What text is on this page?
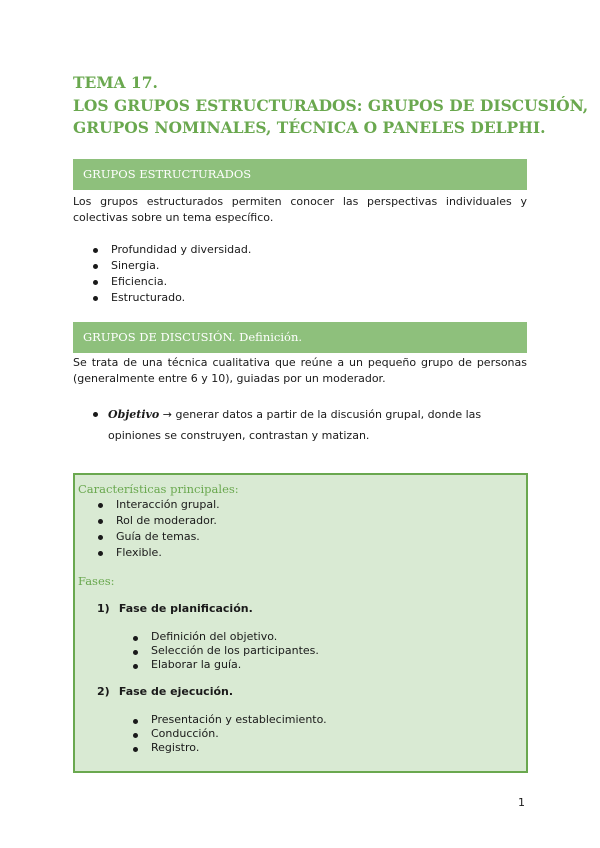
TEMA 17.
LOS GRUPOS ESTRUCTURADOS: GRUPOS DE DISCUSIÓN,
GRUPOS NOMINALES, TÉCNICA O PANELES DELPHI.
GRUPOS ESTRUCTURADOS
Los grupos estructurados permiten conocer las perspectivas individuales y colectivas sobre un tema específico.
Profundidad y diversidad.
Sinergia.
Eficiencia.
Estructurado.
GRUPOS DE DISCUSIÓN. Definición.
Se trata de una técnica cualitativa que reúne a un pequeño grupo de personas (generalmente entre 6 y 10), guiadas por un moderador.
Objetivo → generar datos a partir de la discusión grupal, donde las opiniones se construyen, contrastan y matizan.
Características principales:
Interacción grupal.
Rol de moderador.
Guía de temas.
Flexible.
Fases:
1) Fase de planificación.
Definición del objetivo.
Selección de los participantes.
Elaborar la guía.
2) Fase de ejecución.
Presentación y establecimiento.
Conducción.
Registro.
1
